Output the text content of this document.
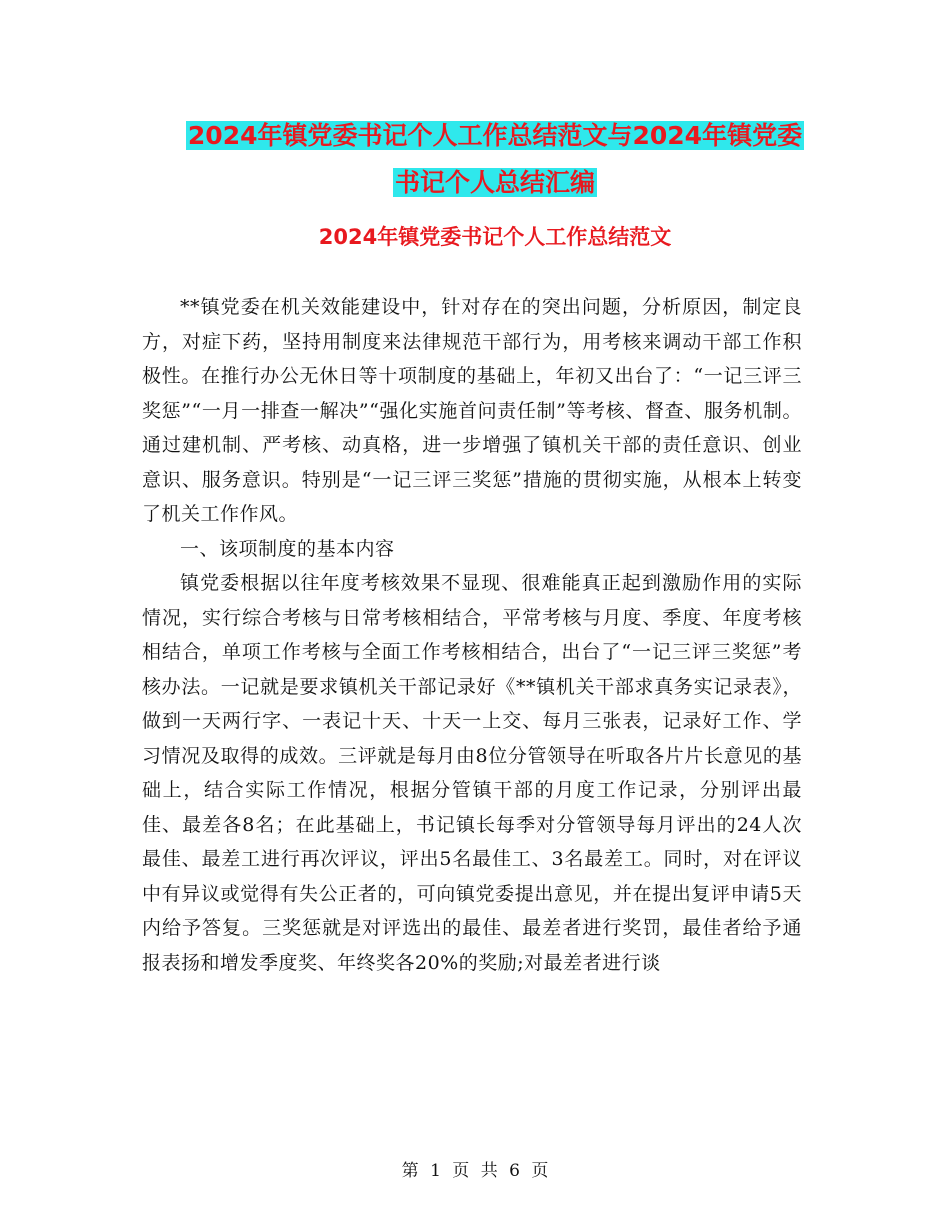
2024年镇党委书记个人工作总结范文与2024年镇党委
书记个人总结汇编
2024年镇党委书记个人工作总结范文

**镇党委在机关效能建设中，针对存在的突出问题，分析原因，制定良方，对症下药，坚持用制度来法律规范干部行为，用考核来调动干部工作积极性。在推行办公无休日等十项制度的基础上，年初又出台了：“一记三评三奖惩”“一月一排查一解决”“强化实施首问责任制”等考核、督查、服务机制。通过建机制、严考核、动真格，进一步增强了镇机关干部的责任意识、创业意识、服务意识。特别是“一记三评三奖惩”措施的贯彻实施，从根本上转变了机关工作作风。

一、该项制度的基本内容

镇党委根据以往年度考核效果不显现、很难能真正起到激励作用的实际情况，实行综合考核与日常考核相结合，平常考核与月度、季度、年度考核相结合，单项工作考核与全面工作考核相结合，出台了“一记三评三奖惩”考核办法。一记就是要求镇机关干部记录好《**镇机关干部求真务实记录表》，做到一天两行字、一表记十天、十天一上交、每月三张表，记录好工作、学习情况及取得的成效。三评就是每月由8位分管领导在听取各片片长意见的基础上，结合实际工作情况，根据分管镇干部的月度工作记录，分别评出最佳、最差各8名；在此基础上，书记镇长每季对分管领导每月评出的24人次最佳、最差工进行再次评议，评出5名最佳工、3名最差工。同时，对在评议中有异议或觉得有失公正者的，可向镇党委提出意见，并在提出复评申请5天内给予答复。三奖惩就是对评选出的最佳、最差者进行奖罚，最佳者给予通报表扬和增发季度奖、年终奖各20%的奖励;对最差者进行谈

第 1 页 共 6 页
